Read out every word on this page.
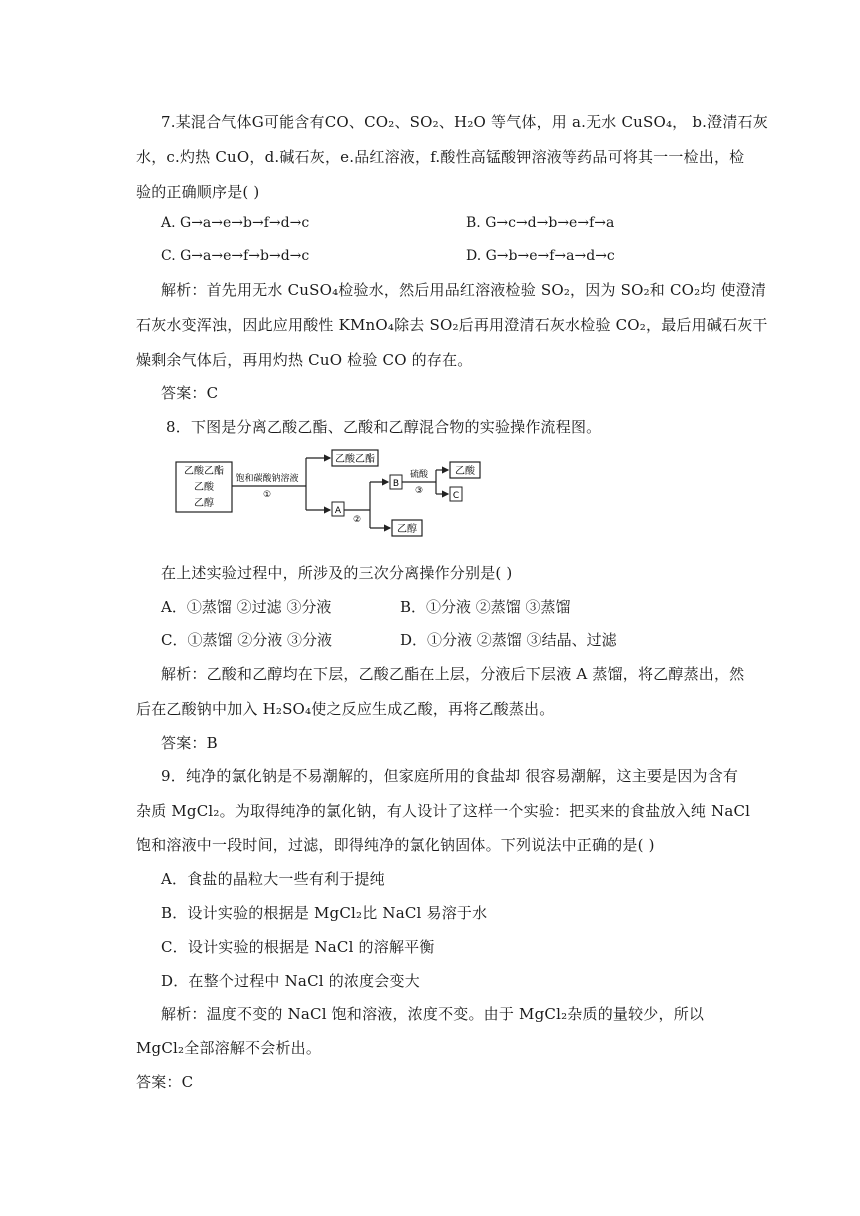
7.某混合气体G可能含有CO、CO₂、SO₂、H₂O 等气体，用 a.无水 CuSO₄， b.澄清石灰
水，c.灼热 CuO，d.碱石灰，e.品红溶液，f.酸性高锰酸钾溶液等药品可将其一一检出，检
验的正确顺序是( )
A. G→a→e→b→f→d→c	B. G→c→d→b→e→f→a
C. G→a→e→f→b→d→c	D. G→b→e→f→a→d→c
解析：首先用无水 CuSO₄检验水，然后用品红溶液检验 SO₂，因为 SO₂和 CO₂均 使澄清
石灰水变浑浊，因此应用酸性 KMnO₄除去 SO₂后再用澄清石灰水检验 CO₂，最后用碱石灰干
燥剩余气体后，再用灼热 CuO 检验 CO 的存在。
答案：C
8．下图是分离乙酸乙酯、乙酸和乙醇混合物的实验操作流程图。
乙酸乙酯
乙酸
乙醇
饱和碳酸钠溶液
①
乙酸乙酯
A
②
B
乙醇
硫酸
③
乙酸
C
在上述实验过程中，所涉及的三次分离操作分别是( )
A．①蒸馏 ②过滤 ③分液	B．①分液 ②蒸馏 ③蒸馏
C．①蒸馏 ②分液 ③分液	D．①分液 ②蒸馏 ③结晶、过滤
解析：乙酸和乙醇均在下层，乙酸乙酯在上层，分液后下层液 A 蒸馏，将乙醇蒸出，然
后在乙酸钠中加入 H₂SO₄使之反应生成乙酸，再将乙酸蒸出。
答案：B
9．纯净的氯化钠是不易潮解的，但家庭所用的食盐却 很容易潮解，这主要是因为含有
杂质 MgCl₂。为取得纯净的氯化钠，有人设计了这样一个实验：把买来的食盐放入纯 NaCl
饱和溶液中一段时间，过滤，即得纯净的氯化钠固体。下列说法中正确的是( )
A．食盐的晶粒大一些有利于提纯
B．设计实验的根据是 MgCl₂比 NaCl 易溶于水
C．设计实验的根据是 NaCl 的溶解平衡
D．在整个过程中 NaCl 的浓度会变大
解析：温度不变的 NaCl 饱和溶液，浓度不变。由于 MgCl₂杂质的量较少，所以
MgCl₂全部溶解不会析出。
答案：C
